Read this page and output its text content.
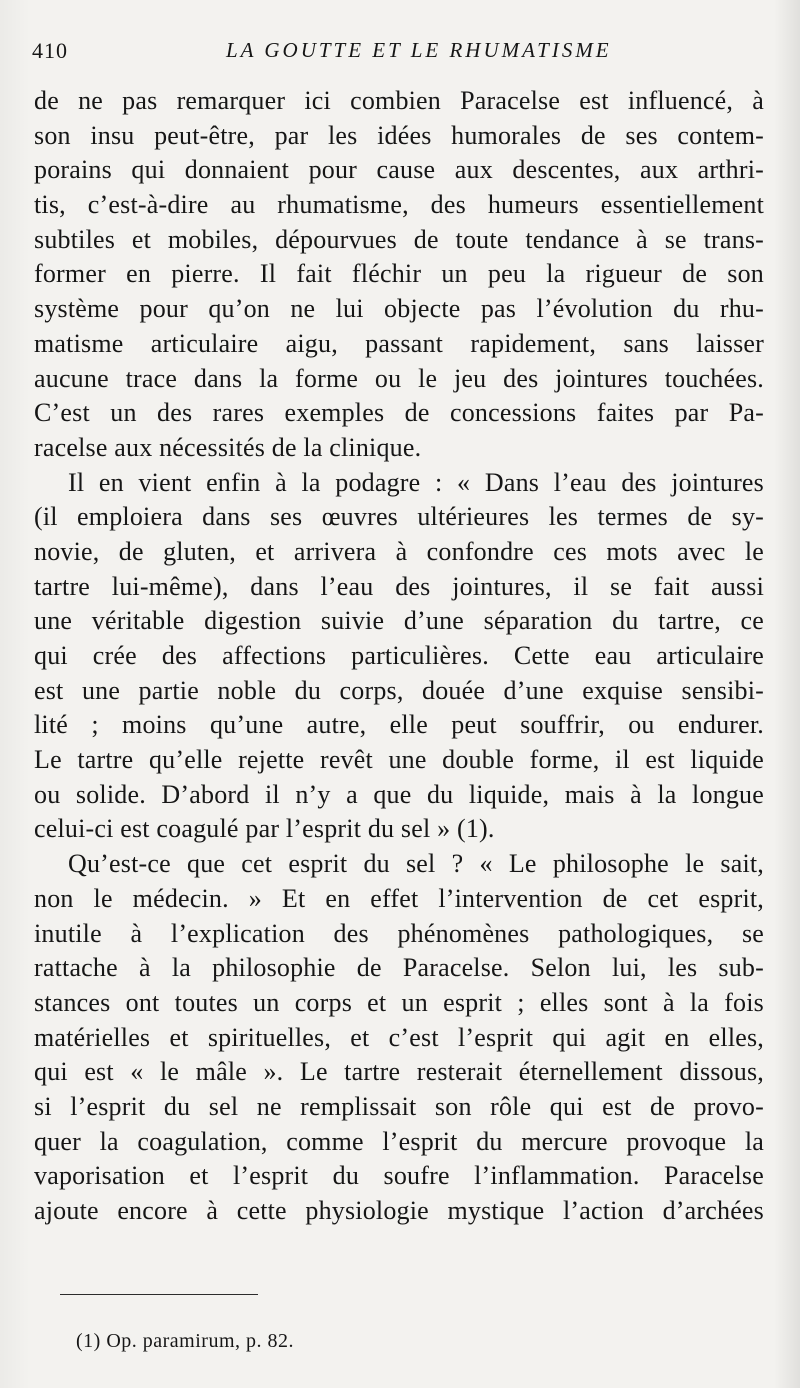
410	LA GOUTTE ET LE RHUMATISME
de ne pas remarquer ici combien Paracelse est influencé, à
son insu peut-être, par les idées humorales de ses contem-
porains qui donnaient pour cause aux descentes, aux arthri-
tis, c’est-à-dire au rhumatisme, des humeurs essentiellement
subtiles et mobiles, dépourvues de toute tendance à se trans-
former en pierre. Il fait fléchir un peu la rigueur de son
système pour qu’on ne lui objecte pas l’évolution du rhu-
matisme articulaire aigu, passant rapidement, sans laisser
aucune trace dans la forme ou le jeu des jointures touchées.
C’est un des rares exemples de concessions faites par Pa-
racelse aux nécessités de la clinique.
Il en vient enfin à la podagre : « Dans l’eau des jointures
(il emploiera dans ses œuvres ultérieures les termes de sy-
novie, de gluten, et arrivera à confondre ces mots avec le
tartre lui-même), dans l’eau des jointures, il se fait aussi
une véritable digestion suivie d’une séparation du tartre, ce
qui crée des affections particulières. Cette eau articulaire
est une partie noble du corps, douée d’une exquise sensibi-
lité ; moins qu’une autre, elle peut souffrir, ou endurer.
Le tartre qu’elle rejette revêt une double forme, il est liquide
ou solide. D’abord il n’y a que du liquide, mais à la longue
celui-ci est coagulé par l’esprit du sel » (1).
Qu’est-ce que cet esprit du sel ? « Le philosophe le sait,
non le médecin. » Et en effet l’intervention de cet esprit,
inutile à l’explication des phénomènes pathologiques, se
rattache à la philosophie de Paracelse. Selon lui, les sub-
stances ont toutes un corps et un esprit ; elles sont à la fois
matérielles et spirituelles, et c’est l’esprit qui agit en elles,
qui est « le mâle ». Le tartre resterait éternellement dissous,
si l’esprit du sel ne remplissait son rôle qui est de provo-
quer la coagulation, comme l’esprit du mercure provoque la
vaporisation et l’esprit du soufre l’inflammation. Paracelse
ajoute encore à cette physiologie mystique l’action d’archées
(1) Op. paramirum, p. 82.
